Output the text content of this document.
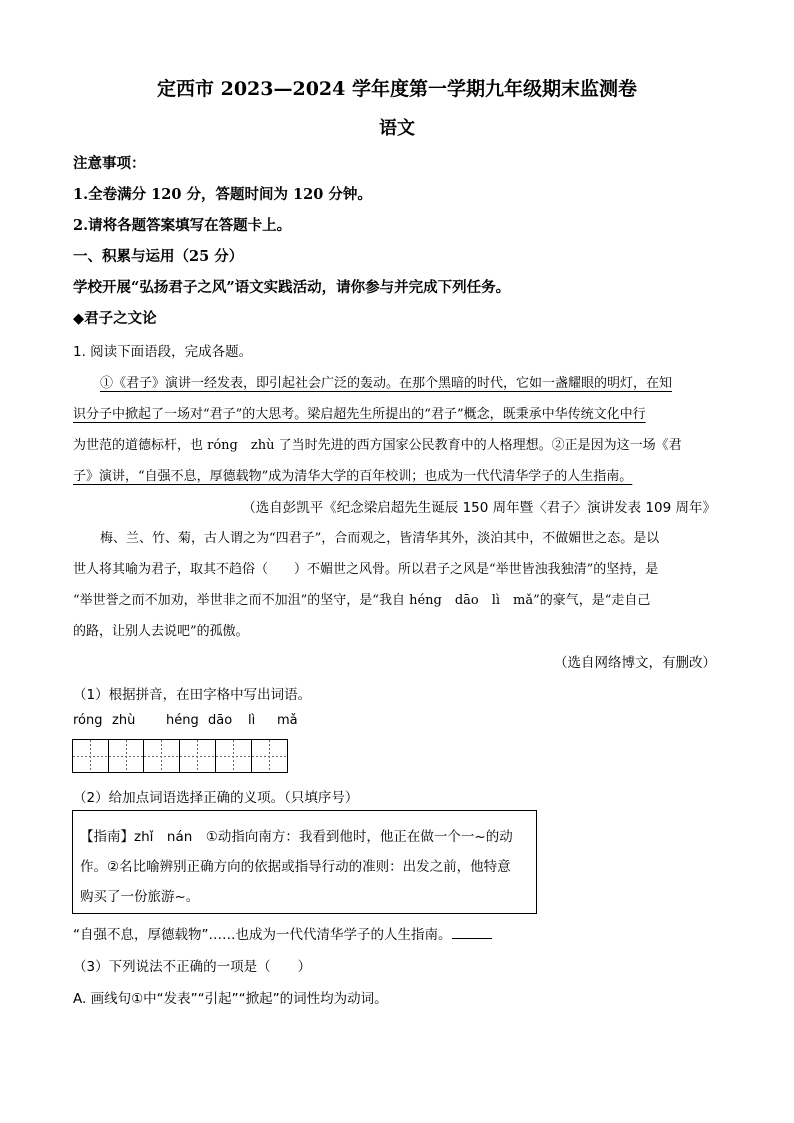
定西市 2023—2024 学年度第一学期九年级期末监测卷
语文
注意事项：
1.全卷满分 120 分，答题时间为 120 分钟。
2.请将各题答案填写在答题卡上。
一、积累与运用（25 分）
学校开展“弘扬君子之风”语文实践活动，请你参与并完成下列任务。
◆君子之文论
1. 阅读下面语段，完成各题。
①《君子》演讲一经发表，即引起社会广泛的轰动。在那个黑暗的时代，它如一盏耀眼的明灯，在知
识分子中掀起了一场对“君子”的大思考。梁启超先生所提出的“君子”概念，既秉承中华传统文化中行
为世范的道德标杆，也 róng　zhù 了当时先进的西方国家公民教育中的人格理想。②正是因为这一场《君
子》演讲，“自强不息，厚德载物”成为清华大学的百年校训；也成为一代代清华学子的人生指南。
（选自彭凯平《纪念梁启超先生诞辰 150 周年暨〈君子〉演讲发表 109 周年》
梅、兰、竹、菊，古人谓之为“四君子”，合而观之，皆清华其外，淡泊其中，不做媚世之态。是以
世人将其喻为君子，取其不趋俗（　　）不媚世之风骨。所以君子之风是“举世皆浊我独清”的坚持，是
“举世誉之而不加劝，举世非之而不加沮”的坚守，是“我自 héng　dāo　lì　mǎ”的豪气，是“走自己
的路，让别人去说吧”的孤傲。
（选自网络博文，有删改）
（1）根据拼音，在田字格中写出词语。
róng zhù héng dāo lì mǎ
（2）给加点词语选择正确的义项。（只填序号）
【指南】zhǐ　nán　①动指向南方：我看到他时，他正在做一个一~的动
作。②名比喻辨别正确方向的依据或指导行动的准则：出发之前，他特意
购买了一份旅游~。
“自强不息，厚德载物”……也成为一代代清华学子的人生指南。
（3）下列说法不正确的一项是（　　）
A. 画线句①中“发表”“引起”“掀起”的词性均为动词。
